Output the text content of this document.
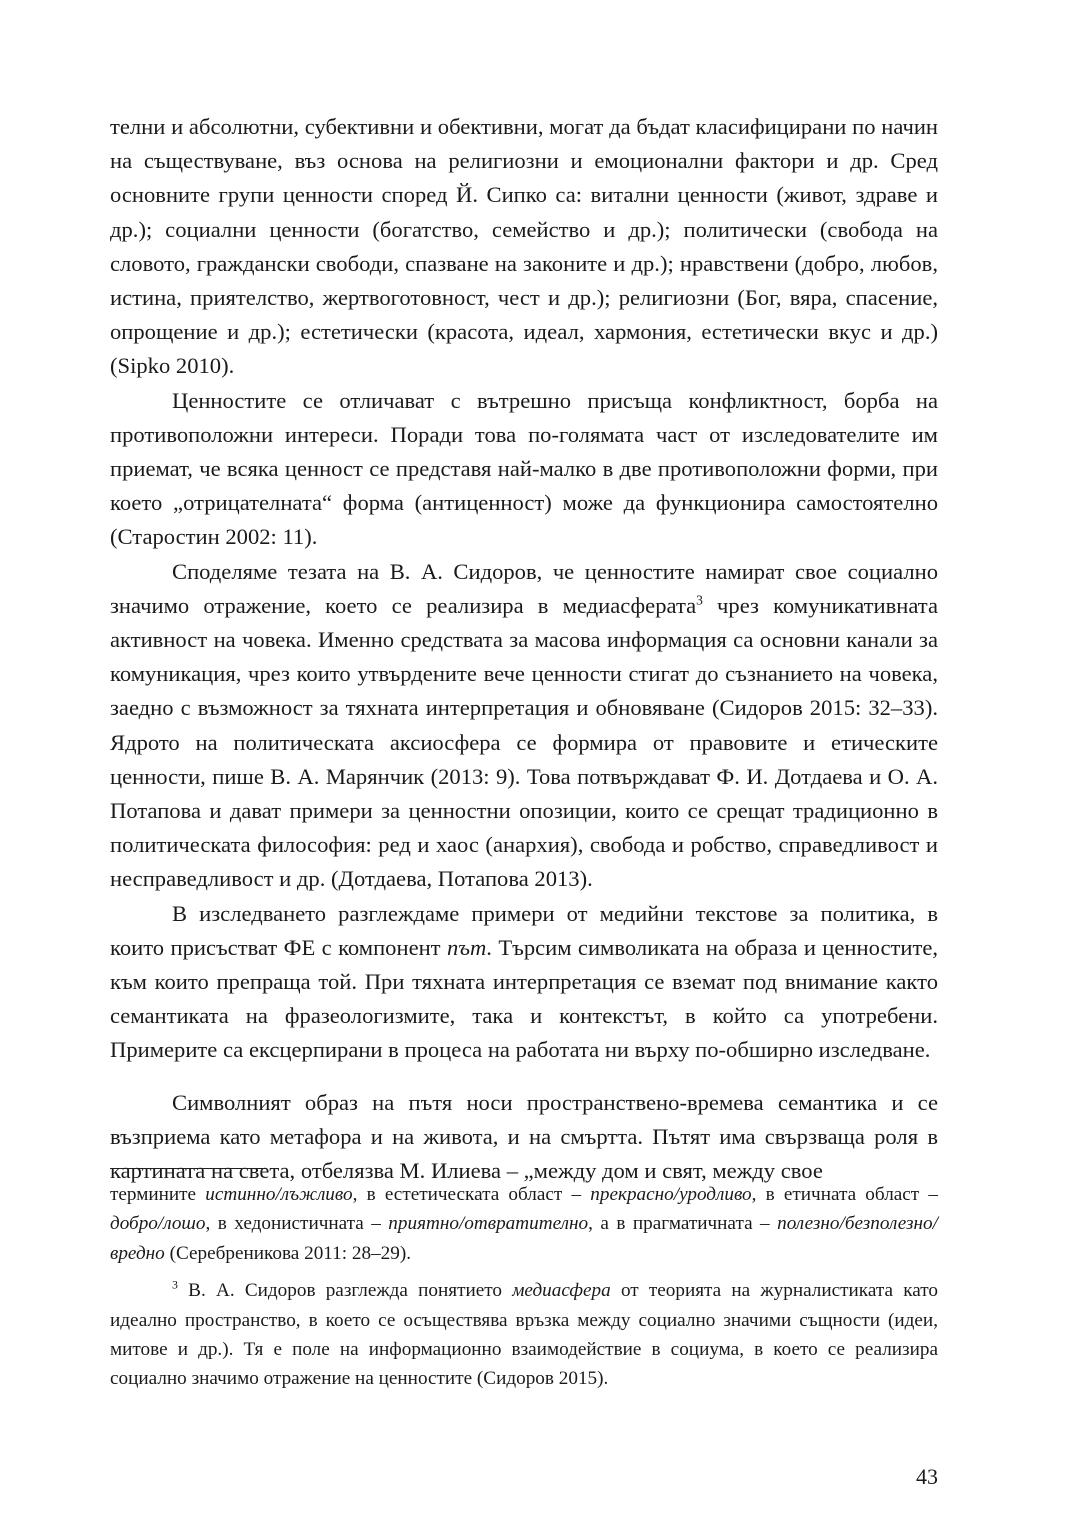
телни и абсолютни, субективни и обективни, могат да бъдат класифицирани по начин на съществуване, въз основа на религиозни и емоционални фактори и др. Сред основните групи ценности според Й. Сипко са: витални ценности (живот, здраве и др.); социални ценности (богатство, семейство и др.); политически (свобода на словото, граждански свободи, спазване на законите и др.); нравствени (добро, любов, истина, приятелство, жертвоготовност, чест и др.); религиозни (Бог, вяра, спасение, опрощение и др.); естетически (красота, идеал, хармония, естетически вкус и др.) (Sipko 2010).

Ценностите се отличават с вътрешно присъща конфликтност, борба на противоположни интереси. Поради това по-голямата част от изследователите им приемат, че всяка ценност се представя най-малко в две противоположни форми, при което „отрицателната“ форма (антиценност) може да функционира самостоятелно (Старостин 2002: 11).

Споделяме тезата на В. А. Сидоров, че ценностите намират свое социално значимо отражение, което се реализира в медиасферата$^3$ чрез комуникативната активност на човека. Именно средствата за масова информация са основни канали за комуникация, чрез които утвърдените вече ценности стигат до съзнанието на човека, заедно с възможност за тяхната интерпретация и обновяване (Сидоров 2015: 32–33). Ядрото на политическата аксиосфера се формира от правовите и етическите ценности, пише В. А. Марянчик (2013: 9). Това потвърждават Ф. И. Дотдаева и О. А. Потапова и дават примери за ценностни опозиции, които се срещат традиционно в политическата философия: ред и хаос (анархия), свобода и робство, справедливост и несправедливост и др. (Дотдаева, Потапова 2013).

В изследването разглеждаме примери от медийни текстове за политика, в които присъстват ФЕ с компонент път. Търсим символиката на образа и ценностите, към които препраща той. При тяхната интерпретация се вземат под внимание както семантиката на фразеологизмите, така и контекстът, в който са употребени. Примерите са ексцерпирани в процеса на работата ни върху по-обширно изследване.

Символният образ на пътя носи пространствено-времева семантика и се възприема като метафора и на живота, и на смъртта. Пътят има свързваща роля в картината на света, отбелязва М. Илиева – „между дом и свят, между свое

термините истинно/лъжливо, в естетическата област – прекрасно/уродливо, в етичната област – добро/лошо, в хедонистичната – приятно/отвратително, а в прагматичната – полезно/безполезно/вредно (Серебреникова 2011: 28–29).

$^3$ В. А. Сидоров разглежда понятието медиасфера от теорията на журналистиката като идеално пространство, в което се осъществява връзка между социално значими същности (идеи, митове и др.). Тя е поле на информационно взаимодействие в социума, в което се реализира социално значимо отражение на ценностите (Сидоров 2015).

43
